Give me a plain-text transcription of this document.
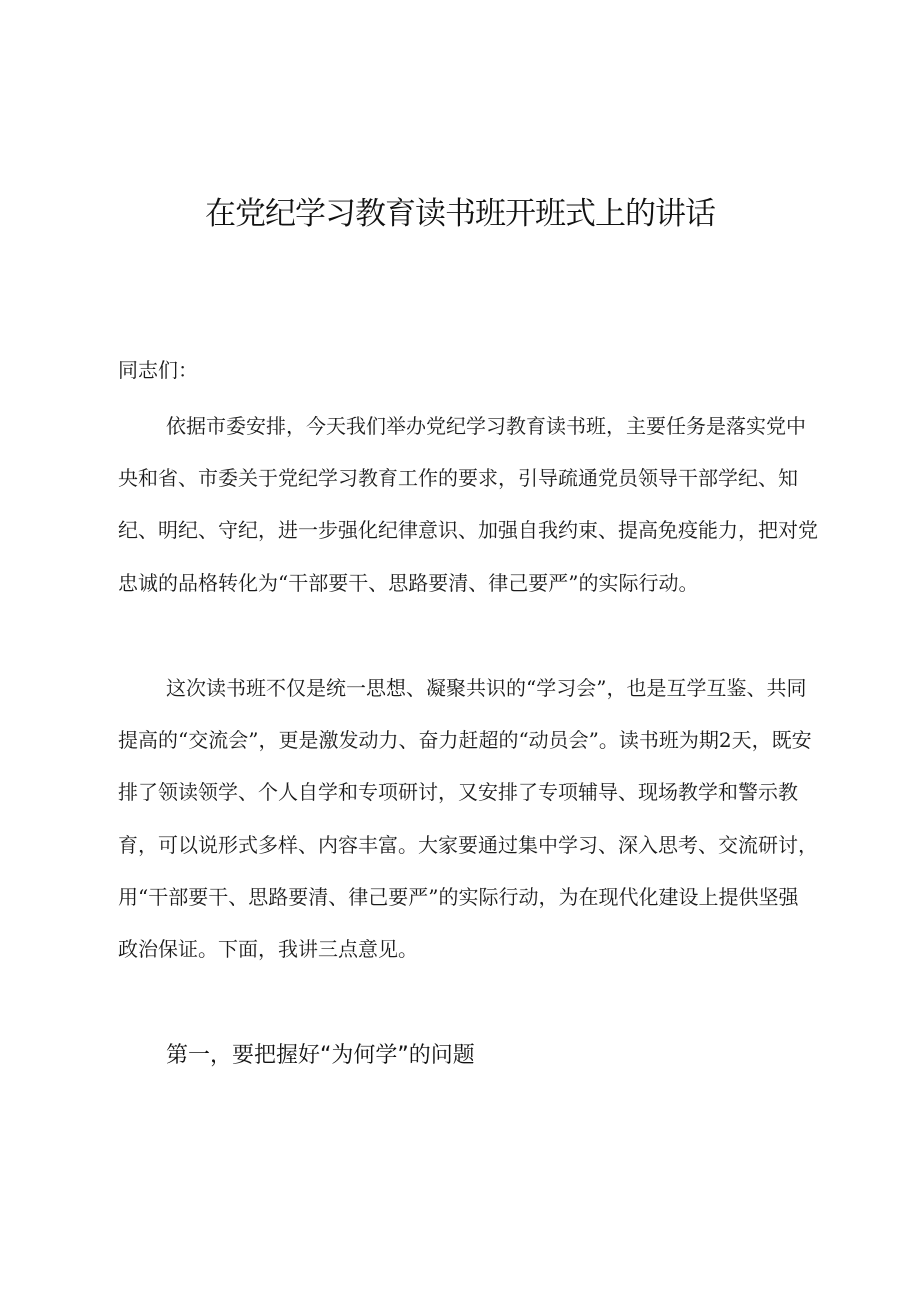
在党纪学习教育读书班开班式上的讲话

同志们：

依据市委安排，今天我们举办党纪学习教育读书班，主要任务是落实党中央和省、市委关于党纪学习教育工作的要求，引导疏通党员领导干部学纪、知纪、明纪、守纪，进一步强化纪律意识、加强自我约束、提高免疫能力，把对党忠诚的品格转化为“干部要干、思路要清、律己要严”的实际行动。

这次读书班不仅是统一思想、凝聚共识的“学习会”，也是互学互鉴、共同提高的“交流会”，更是激发动力、奋力赶超的“动员会”。读书班为期2天，既安排了领读领学、个人自学和专项研讨，又安排了专项辅导、现场教学和警示教育，可以说形式多样、内容丰富。大家要通过集中学习、深入思考、交流研讨，用“干部要干、思路要清、律己要严”的实际行动，为在现代化建设上提供坚强政治保证。下面，我讲三点意见。

第一，要把握好“为何学”的问题
